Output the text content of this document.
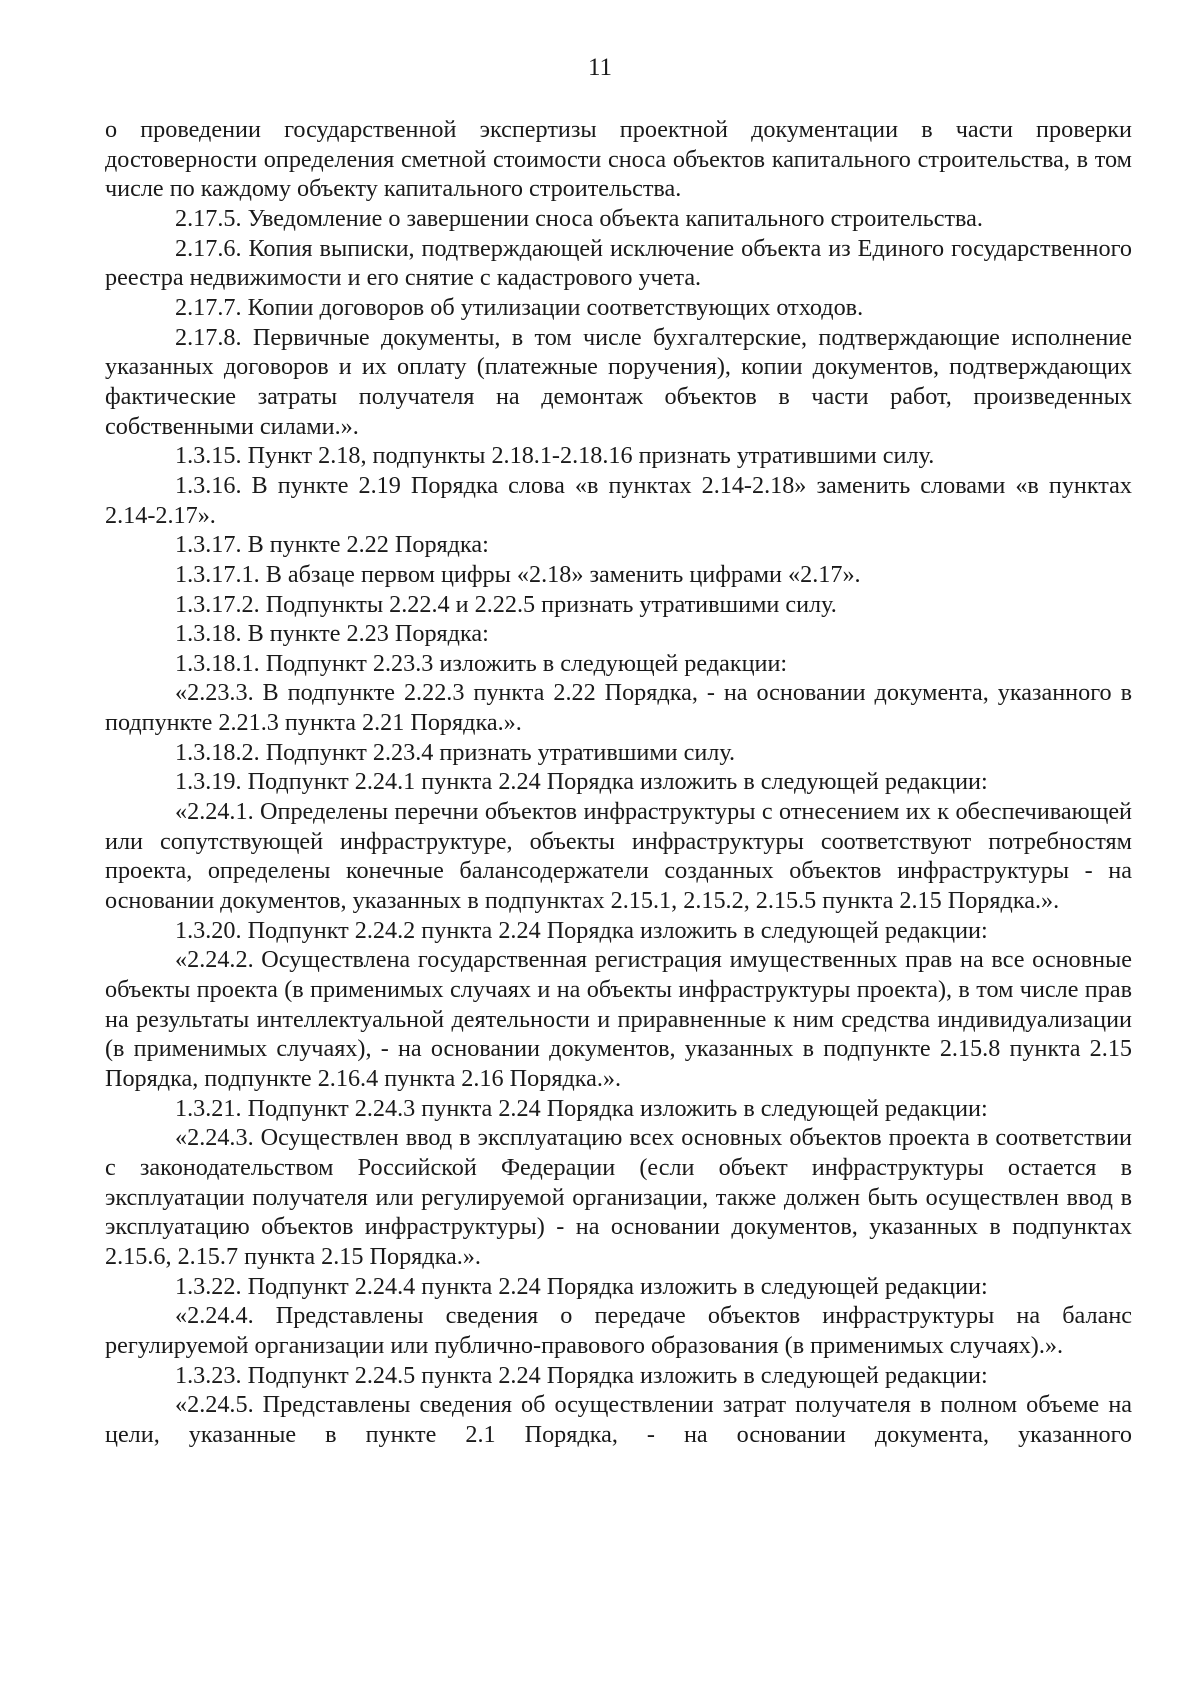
11

о проведении государственной экспертизы проектной документации в части проверки достоверности определения сметной стоимости сноса объектов капитального строительства, в том числе по каждому объекту капитального строительства.

2.17.5. Уведомление о завершении сноса объекта капитального строительства.

2.17.6. Копия выписки, подтверждающей исключение объекта из Единого государственного реестра недвижимости и его снятие с кадастрового учета.

2.17.7. Копии договоров об утилизации соответствующих отходов.

2.17.8. Первичные документы, в том числе бухгалтерские, подтверждающие исполнение указанных договоров и их оплату (платежные поручения), копии документов, подтверждающих фактические затраты получателя на демонтаж объектов в части работ, произведенных собственными силами.».

1.3.15. Пункт 2.18, подпункты 2.18.1-2.18.16 признать утратившими силу.

1.3.16. В пункте 2.19 Порядка слова «в пунктах 2.14-2.18» заменить словами «в пунктах 2.14-2.17».

1.3.17. В пункте 2.22 Порядка:

1.3.17.1. В абзаце первом цифры «2.18» заменить цифрами «2.17».

1.3.17.2. Подпункты 2.22.4 и 2.22.5 признать утратившими силу.

1.3.18. В пункте 2.23 Порядка:

1.3.18.1. Подпункт 2.23.3 изложить в следующей редакции:

«2.23.3. В подпункте 2.22.3 пункта 2.22 Порядка, - на основании документа, указанного в подпункте 2.21.3 пункта 2.21 Порядка.».

1.3.18.2. Подпункт 2.23.4 признать утратившими силу.

1.3.19. Подпункт 2.24.1 пункта 2.24 Порядка изложить в следующей редакции:

«2.24.1. Определены перечни объектов инфраструктуры с отнесением их к обеспечивающей или сопутствующей инфраструктуре, объекты инфраструктуры соответствуют потребностям проекта, определены конечные балансодержатели созданных объектов инфраструктуры - на основании документов, указанных в подпунктах 2.15.1, 2.15.2, 2.15.5 пункта 2.15 Порядка.».

1.3.20. Подпункт 2.24.2 пункта 2.24 Порядка изложить в следующей редакции:

«2.24.2. Осуществлена государственная регистрация имущественных прав на все основные объекты проекта (в применимых случаях и на объекты инфраструктуры проекта), в том числе прав на результаты интеллектуальной деятельности и приравненные к ним средства индивидуализации (в применимых случаях), - на основании документов, указанных в подпункте 2.15.8 пункта 2.15 Порядка, подпункте 2.16.4 пункта 2.16 Порядка.».

1.3.21. Подпункт 2.24.3 пункта 2.24 Порядка изложить в следующей редакции:

«2.24.3. Осуществлен ввод в эксплуатацию всех основных объектов проекта в соответствии с законодательством Российской Федерации (если объект инфраструктуры остается в эксплуатации получателя или регулируемой организации, также должен быть осуществлен ввод в эксплуатацию объектов инфраструктуры) - на основании документов, указанных в подпунктах 2.15.6, 2.15.7 пункта 2.15 Порядка.».

1.3.22. Подпункт 2.24.4 пункта 2.24 Порядка изложить в следующей редакции:

«2.24.4. Представлены сведения о передаче объектов инфраструктуры на баланс регулируемой организации или публично-правового образования (в применимых случаях).».

1.3.23. Подпункт 2.24.5 пункта 2.24 Порядка изложить в следующей редакции:

«2.24.5. Представлены сведения об осуществлении затрат получателя в полном объеме на цели, указанные в пункте 2.1 Порядка, - на основании документа, указанного
